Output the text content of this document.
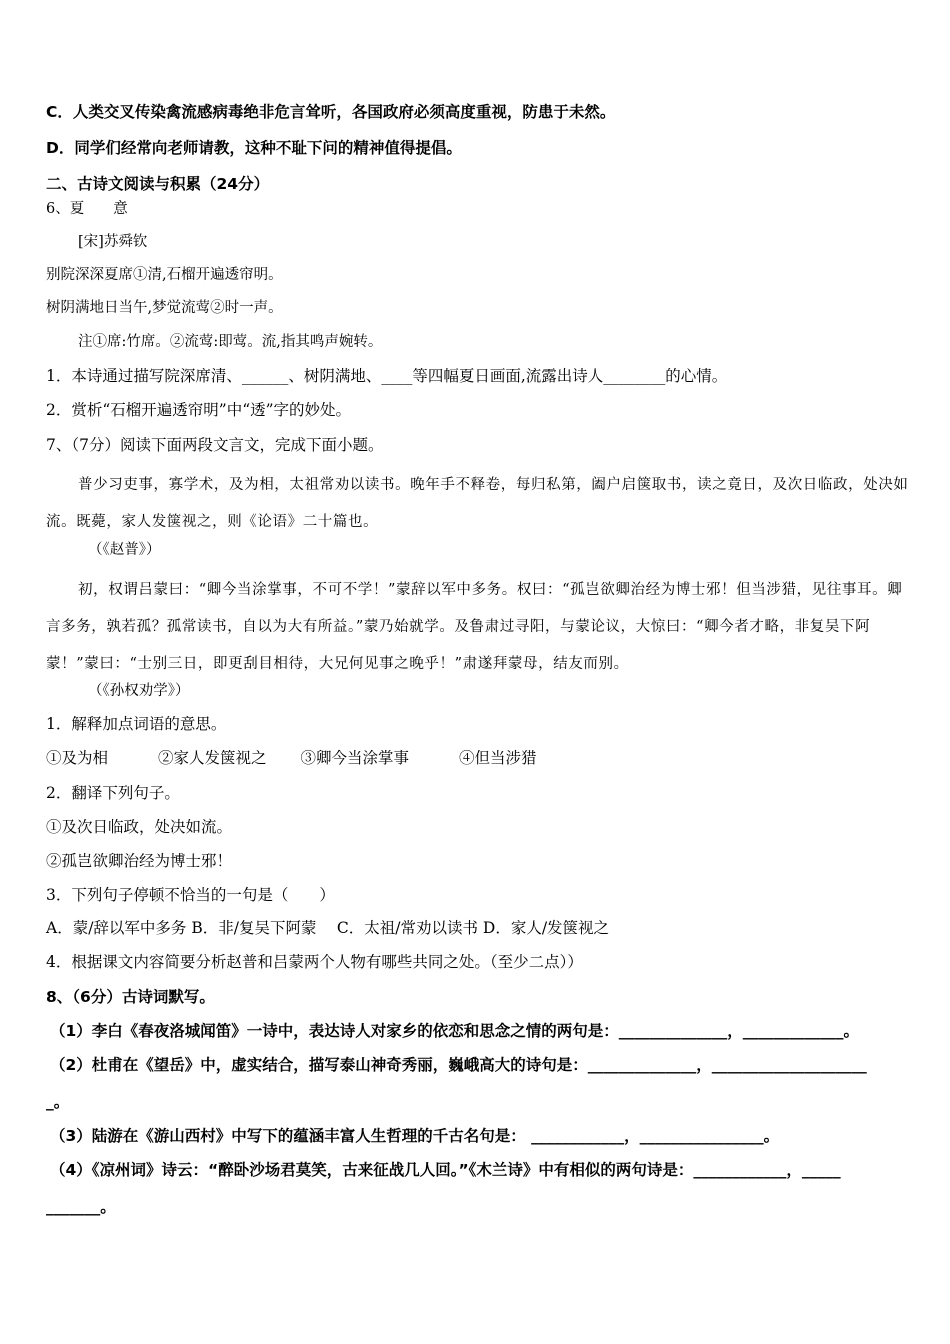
C．人类交叉传染禽流感病毒绝非危言耸听，各国政府必须高度重视，防患于未然。
D．同学们经常向老师请教，这种不耻下问的精神值得提倡。
二、古诗文阅读与积累（24分）
6、夏　　意
[宋]苏舜钦
别院深深夏席①清,石榴开遍透帘明。
树阴满地日当午,梦觉流莺②时一声。
注①席:竹席。②流莺:即莺。流,指其鸣声婉转。
1．本诗通过描写院深席清、______、树阴满地、____等四幅夏日画面,流露出诗人________的心情。
2．赏析“石榴开遍透帘明”中“透”字的妙处。
7、（7分）阅读下面两段文言文，完成下面小题。
普少习吏事，寡学术，及为相，太祖常劝以读书。晚年手不释卷，每归私第，阖户启箧取书，读之竟日，及次日临政，处决如流。既薨，家人发箧视之，则《论语》二十篇也。
（《赵普》）
初，权谓吕蒙曰：“卿今当涂掌事，不可不学！”蒙辞以军中多务。权曰：“孤岂欲卿治经为博士邪！但当涉猎，见往事耳。卿言多务，孰若孤？孤常读书，自以为大有所益。”蒙乃始就学。及鲁肃过寻阳，与蒙论议，大惊曰：“卿今者才略，非复吴下阿蒙！”蒙曰：“士别三日，即更刮目相待，大兄何见事之晚乎！”肃遂拜蒙母，结友而别。
（《孙权劝学》）
1．解释加点词语的意思。
①及为相	②家人发箧视之 ③卿今当涂掌事	④但当涉猎
2．翻译下列句子。
①及次日临政，处决如流。
②孤岂欲卿治经为博士邪！
3．下列句子停顿不恰当的一句是（　　）
A．蒙/辞以军中多务 B．非/复吴下阿蒙　 C．太祖/常劝以读书 D．家人/发箧视之
4．根据课文内容简要分析赵普和吕蒙两个人物有哪些共同之处。（至少二点））
8、（6分）古诗词默写。
（1）李白《春夜洛城闻笛》一诗中，表达诗人对家乡的依恋和思念之情的两句是：______________，_____________。
（2）杜甫在《望岳》中，虚实结合，描写泰山神奇秀丽，巍峨高大的诗句是：______________，____________________
_。
（3）陆游在《游山西村》中写下的蕴涵丰富人生哲理的千古名句是： ____________，________________。
（4）《凉州词》诗云：“醉卧沙场君莫笑，古来征战几人回。”《木兰诗》中有相似的两句诗是：____________，_____
_______。
